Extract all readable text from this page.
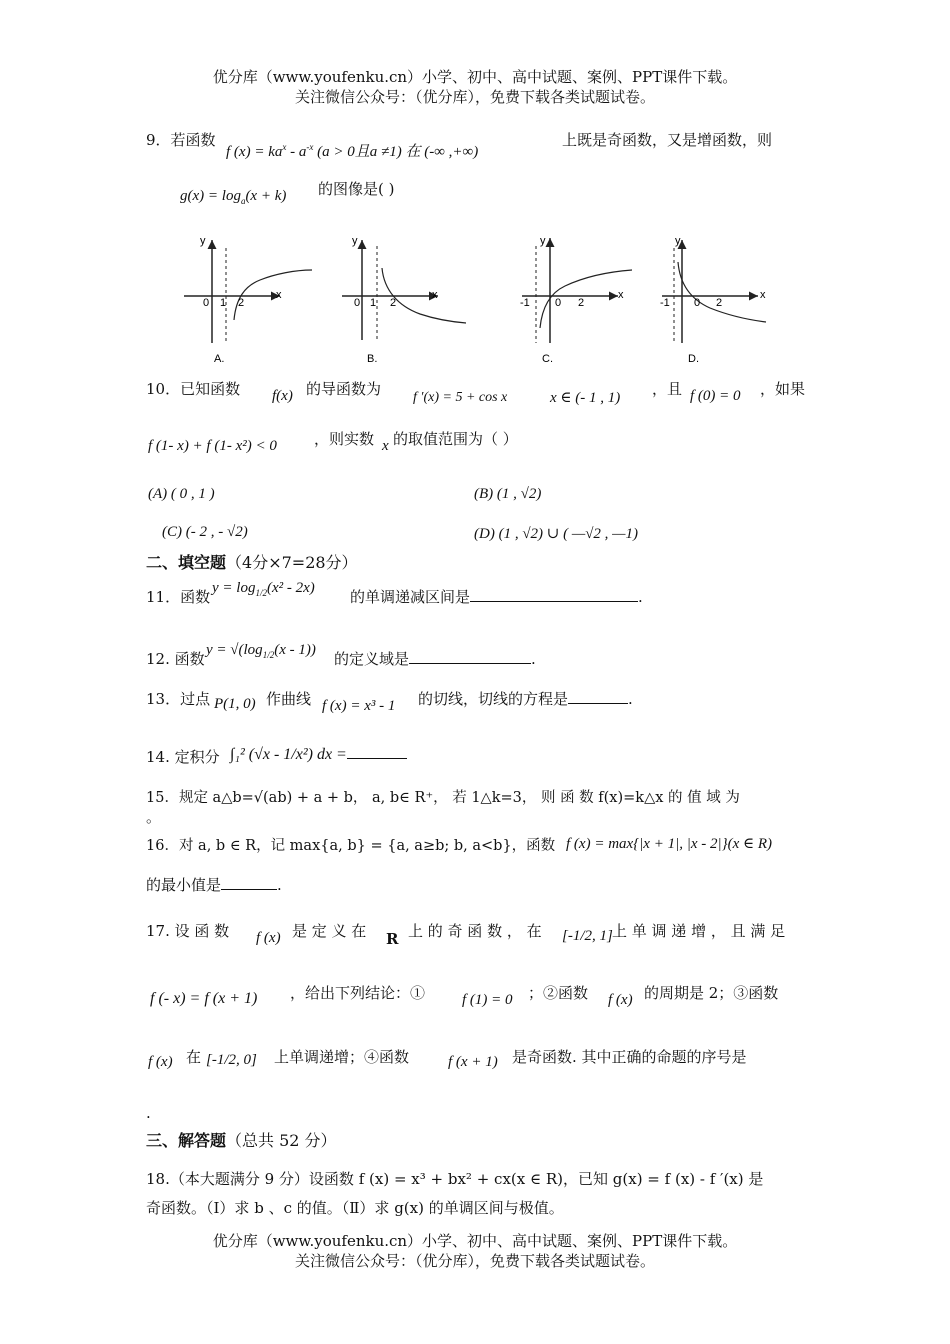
优分库（www.youfenku.cn）小学、初中、高中试题、案例、PPT课件下载。
关注微信公众号：（优分库），免费下载各类试题试卷。
9．若函数
f $(x) = ka^x - a^{-x}$ (a > 0且a ≠1) 在 (-∞ ,+∞)
上既是奇函数，又是增函数，则
$g(x) = \log_a(x + k)$ 的图像是( )
0 1 2
x
y
A.
0 1 2
x
y
B.
-1 0 2
x
y
C.
-1 0 2
x
y
D.
10．已知函数 f(x) 的导函数为 f ′(x) = 5 + cos x	x ∈ (- 1 , 1) ，且 f (0) = 0 ，如果
f (1- x) + f (1- x²) < 0 ，则实数 x 的取值范围为（ ）
(A) ( 0 , 1 )	(B) (1 , √2)
(C) (- 2 , - √2)	(D) (1 , √2) ∪ ( —√2 , —1)
二、填空题（4分×7=28分）
11．函数 $y = \log_{1/2}(x^2 - 2x)$ 的单调递减区间是	.
12. 函数 $y = √(\log_{1/2}(x - 1))$ 的定义域是	.
13．过点 P(1, 0) 作曲线 f (x) = x³ - 1 的切线，切线的方程是	.
14. 定积分 ∫₁² (√x - 1/x²) dx =
15．规定 a△b=√(ab) + a + b， a, b∈ R⁺， 若 1△k=3， 则 函 数 f(x)=k△x 的 值 域 为
。
16．对 a, b ∈ R，记 max{a, b} = {a, a≥b; b, a<b}，函数 f (x) = max{|x + 1|, |x - 2|}(x ∈ R)
的最小值是	.
17. 设 函 数 f (x) 是 定 义 在 R 上 的 奇 函 数 ， 在 [-1/2, 1] 上 单 调 递 增 ， 且 满 足
f (- x) = f (x + 1) ，给出下列结论：① f (1) = 0 ；②函数 f (x) 的周期是 2；③函数
f (x) 在 [-1/2, 0] 上单调递增；④函数	f (x + 1) 是奇函数. 其中正确的命题的序号是
.
三、解答题（总共 52 分）
18.（本大题满分 9 分）设函数 f (x) = x³ + bx² + cx(x ∈ R)，已知 g(x) = f (x) - f ′(x) 是
奇函数。（Ⅰ）求 b 、c 的值。（Ⅱ）求 g(x) 的单调区间与极值。
优分库（www.youfenku.cn）小学、初中、高中试题、案例、PPT课件下载。
关注微信公众号：（优分库），免费下载各类试题试卷。
